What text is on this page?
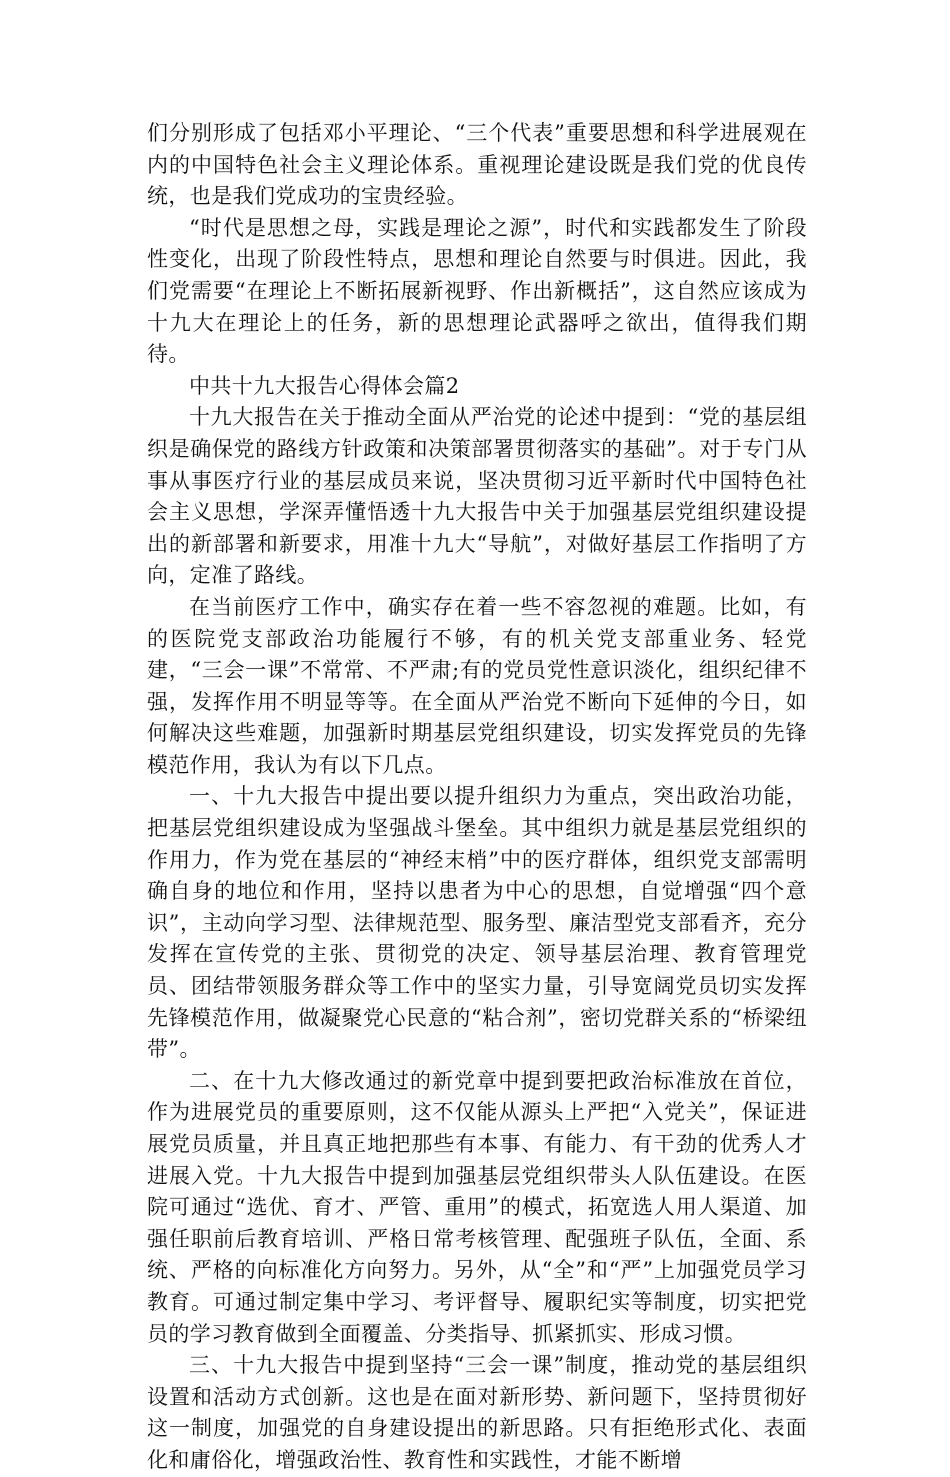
们分别形成了包括邓小平理论、“三个代表”重要思想和科学进展观在内的中国特色社会主义理论体系。重视理论建设既是我们党的优良传统，也是我们党成功的宝贵经验。

“时代是思想之母，实践是理论之源”，时代和实践都发生了阶段性变化，出现了阶段性特点，思想和理论自然要与时俱进。因此，我们党需要“在理论上不断拓展新视野、作出新概括”，这自然应该成为十九大在理论上的任务，新的思想理论武器呼之欲出，值得我们期待。

中共十九大报告心得体会篇2

十九大报告在关于推动全面从严治党的论述中提到：“党的基层组织是确保党的路线方针政策和决策部署贯彻落实的基础”。对于专门从事从事医疗行业的基层成员来说，坚决贯彻习近平新时代中国特色社会主义思想，学深弄懂悟透十九大报告中关于加强基层党组织建设提出的新部署和新要求，用准十九大“导航”，对做好基层工作指明了方向，定准了路线。

在当前医疗工作中，确实存在着一些不容忽视的难题。比如，有的医院党支部政治功能履行不够，有的机关党支部重业务、轻党建，“三会一课”不常常、不严肃;有的党员党性意识淡化，组织纪律不强，发挥作用不明显等等。在全面从严治党不断向下延伸的今日，如何解决这些难题，加强新时期基层党组织建设，切实发挥党员的先锋模范作用，我认为有以下几点。

一、十九大报告中提出要以提升组织力为重点，突出政治功能，把基层党组织建设成为坚强战斗堡垒。其中组织力就是基层党组织的作用力，作为党在基层的“神经末梢”中的医疗群体，组织党支部需明确自身的地位和作用，坚持以患者为中心的思想，自觉增强“四个意识”，主动向学习型、法律规范型、服务型、廉洁型党支部看齐，充分发挥在宣传党的主张、贯彻党的决定、领导基层治理、教育管理党员、团结带领服务群众等工作中的坚实力量，引导宽阔党员切实发挥先锋模范作用，做凝聚党心民意的“粘合剂”，密切党群关系的“桥梁纽带”。

二、在十九大修改通过的新党章中提到要把政治标准放在首位，作为进展党员的重要原则，这不仅能从源头上严把“入党关”，保证进展党员质量，并且真正地把那些有本事、有能力、有干劲的优秀人才进展入党。十九大报告中提到加强基层党组织带头人队伍建设。在医院可通过“选优、育才、严管、重用”的模式，拓宽选人用人渠道、加强任职前后教育培训、严格日常考核管理、配强班子队伍，全面、系统、严格的向标准化方向努力。另外，从“全”和“严”上加强党员学习教育。可通过制定集中学习、考评督导、履职纪实等制度，切实把党员的学习教育做到全面覆盖、分类指导、抓紧抓实、形成习惯。

三、十九大报告中提到坚持“三会一课”制度，推动党的基层组织设置和活动方式创新。这也是在面对新形势、新问题下，坚持贯彻好这一制度，加强党的自身建设提出的新思路。只有拒绝形式化、表面化和庸俗化，增强政治性、教育性和实践性，才能不断增
